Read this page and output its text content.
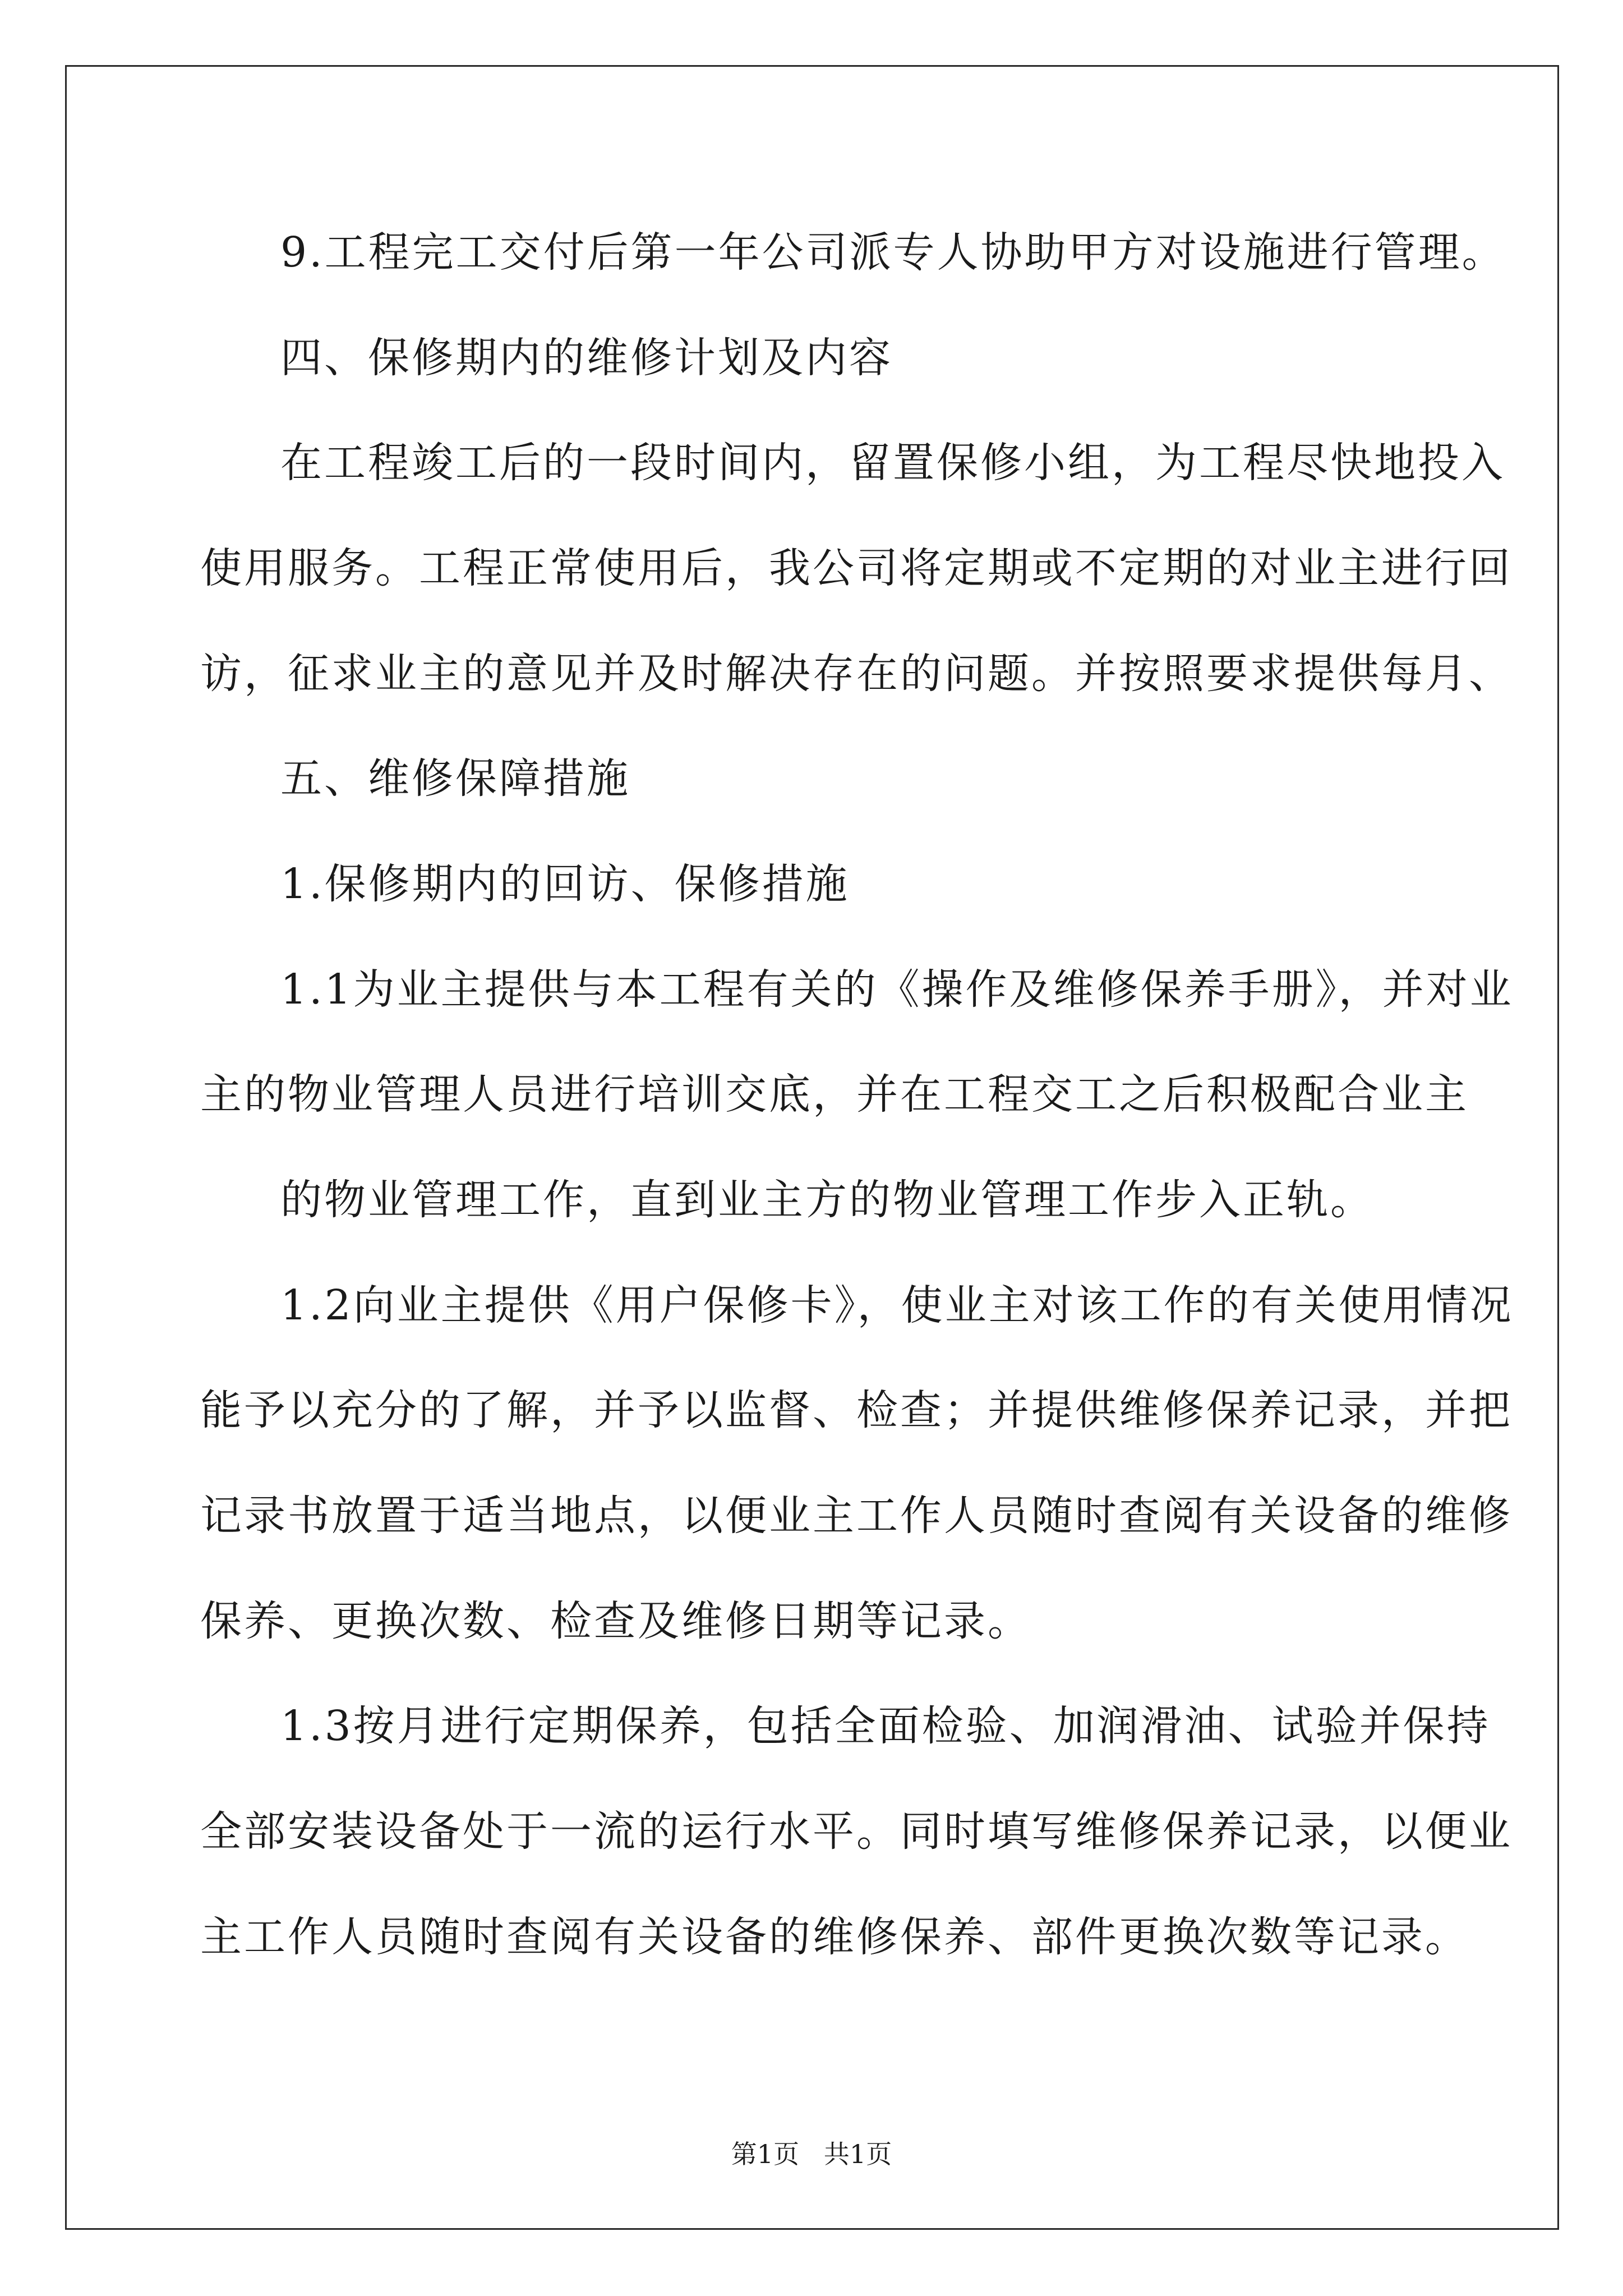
9.工程完工交付后第一年公司派专人协助甲方对设施进行管理。
四、保修期内的维修计划及内容
在工程竣工后的一段时间内，留置保修小组，为工程尽快地投入
使用服务。工程正常使用后，我公司将定期或不定期的对业主进行回
访，征求业主的意见并及时解决存在的问题。并按照要求提供每月、
五、维修保障措施
1.保修期内的回访、保修措施
1.1为业主提供与本工程有关的《操作及维修保养手册》，并对业
主的物业管理人员进行培训交底，并在工程交工之后积极配合业主
的物业管理工作，直到业主方的物业管理工作步入正轨。
1.2向业主提供《用户保修卡》，使业主对该工作的有关使用情况
能予以充分的了解，并予以监督、检查；并提供维修保养记录，并把
记录书放置于适当地点，以便业主工作人员随时查阅有关设备的维修
保养、更换次数、检查及维修日期等记录。
1.3按月进行定期保养，包括全面检验、加润滑油、试验并保持
全部安装设备处于一流的运行水平。同时填写维修保养记录，以便业
主工作人员随时查阅有关设备的维修保养、部件更换次数等记录。
第1页   共1页
